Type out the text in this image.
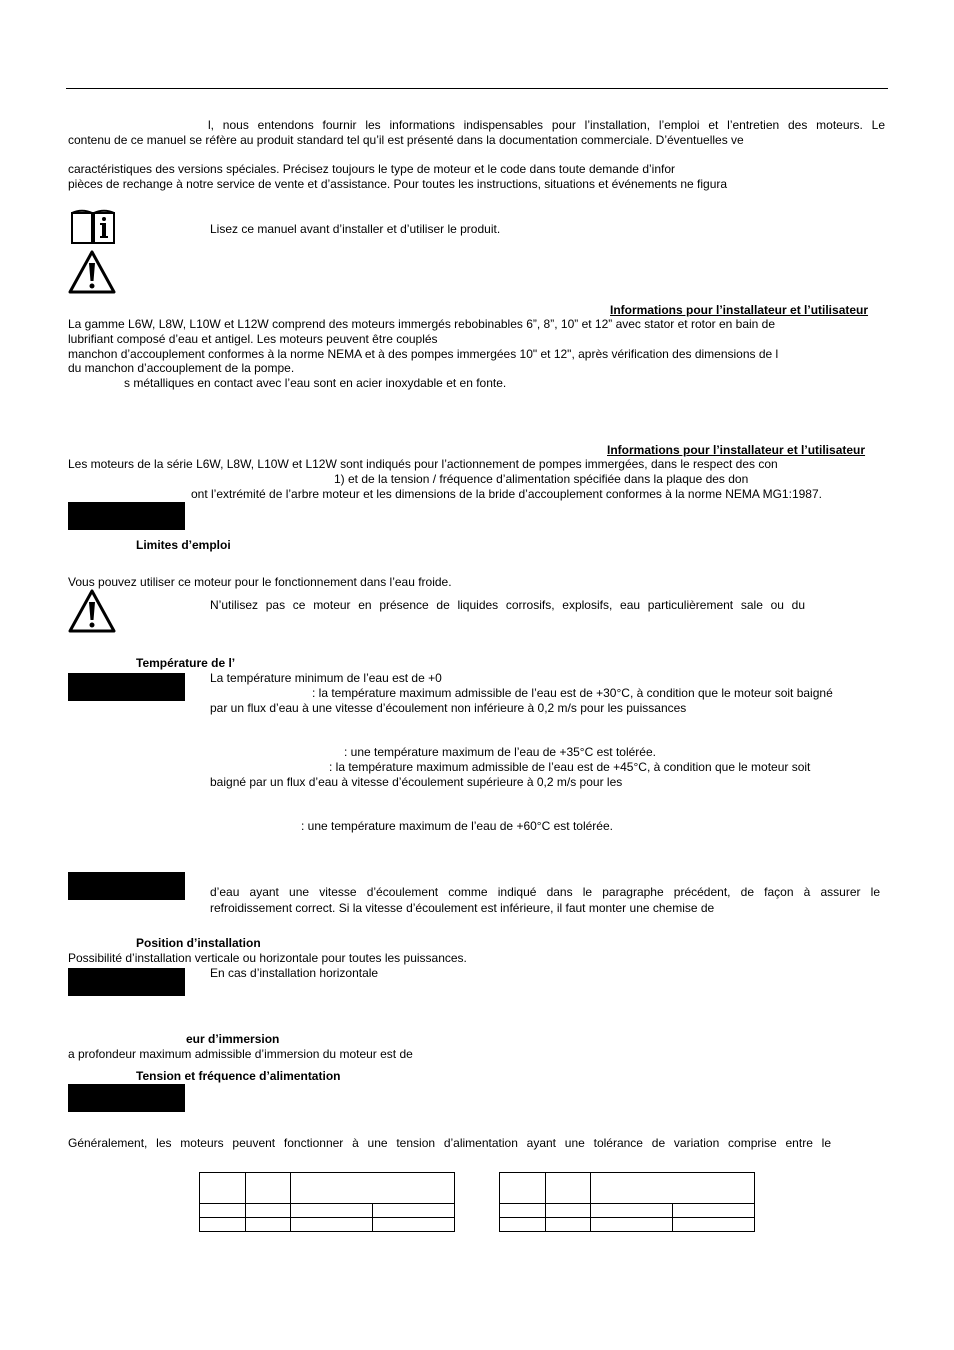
l, nous entendons fournir les informations indispensables pour l’installation, l’emploi et l’entretien des moteurs. Le
contenu de ce manuel se réfère au produit standard tel qu’il est présenté dans la documentation commerciale. D’éventuelles ve
caractéristiques des versions spéciales. Précisez toujours le type de moteur et le code dans toute demande d’infor
pièces de rechange à notre service de vente et d’assistance. Pour toutes les instructions, situations et événements ne figura
Lisez ce manuel avant d’installer et d’utiliser le produit.
Informations pour l’installateur et l’utilisateur
La gamme L6W, L8W, L10W et L12W comprend des moteurs immergés rebobinables 6”, 8”, 10” et 12” avec stator et rotor en bain de
lubrifiant composé d’eau et antigel. Les moteurs peuvent être couplés
manchon d’accouplement conformes à la norme NEMA et à des pompes immergées 10" et 12", après vérification des dimensions de l
du manchon d’accouplement de la pompe.
s métalliques en contact avec l’eau sont en acier inoxydable et en fonte.
Informations pour l’installateur et l’utilisateur
Les moteurs de la série L6W, L8W, L10W et L12W sont indiqués pour l’actionnement de pompes immergées, dans le respect des con
1) et de la tension / fréquence d’alimentation spécifiée dans la plaque des don
ont l’extrémité de l’arbre moteur et les dimensions de la bride d’accouplement conformes à la norme NEMA MG1:1987.
Limites d’emploi
Vous pouvez utiliser ce moteur pour le fonctionnement dans l’eau froide.
N’utilisez pas ce moteur en présence de liquides corrosifs, explosifs, eau particulièrement sale ou du
Température de l’
La température minimum de l’eau est de +0
: la température maximum admissible de l’eau est de +30°C, à condition que le moteur soit baigné
par un flux d’eau à une vitesse d’écoulement non inférieure à 0,2 m/s pour les puissances
: une température maximum de l’eau de +35°C est tolérée.
: la température maximum admissible de l’eau est de +45°C, à condition que le moteur soit
baigné par un flux d’eau à vitesse d’écoulement supérieure à 0,2 m/s pour les
: une température maximum de l’eau de +60°C est tolérée.
d’eau ayant une vitesse d’écoulement comme indiqué dans le paragraphe précédent, de façon à assurer le
refroidissement correct. Si la vitesse d’écoulement est inférieure, il faut monter une chemise de
Position d’installation
Possibilité d’installation verticale ou horizontale pour toutes les puissances.
En cas d’installation horizontale
eur d’immersion
a profondeur maximum admissible d’immersion du moteur est de
Tension et fréquence d’alimentation
Généralement, les moteurs peuvent fonctionner à une tension d’alimentation ayant une tolérance de variation comprise entre le
